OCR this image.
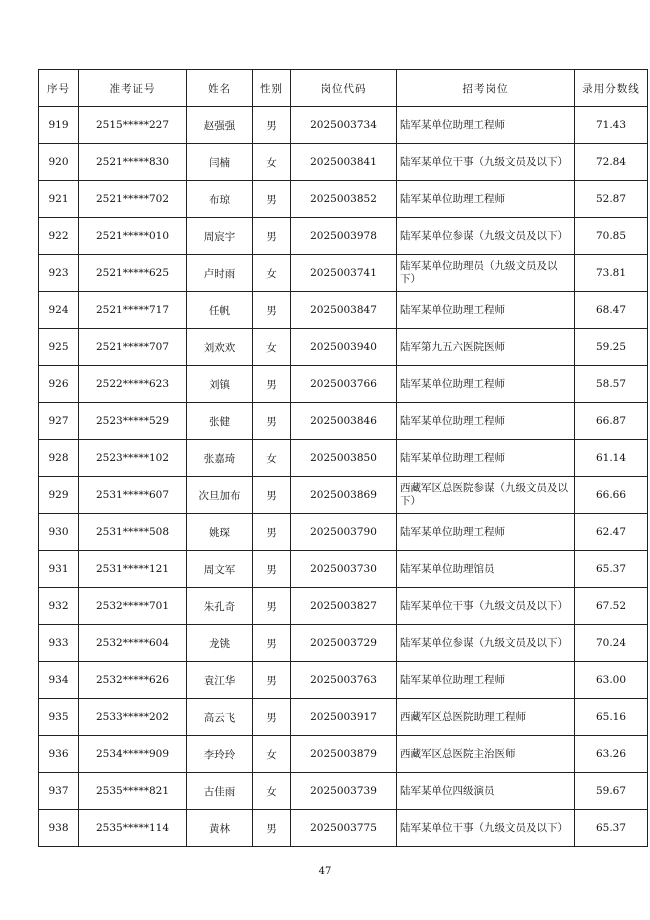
序号	准考证号	姓名	性别	岗位代码	招考岗位	录用分数线
919	2515*****227	赵强强	男	2025003734	陆军某单位助理工程师	71.43
920	2521*****830	闫楠	女	2025003841	陆军某单位干事（九级文员及以下）	72.84
921	2521*****702	布琼	男	2025003852	陆军某单位助理工程师	52.87
922	2521*****010	周宸宇	男	2025003978	陆军某单位参谋（九级文员及以下）	70.85
923	2521*****625	卢时雨	女	2025003741	陆军某单位助理员（九级文员及以下）	73.81
924	2521*****717	任帆	男	2025003847	陆军某单位助理工程师	68.47
925	2521*****707	刘欢欢	女	2025003940	陆军第九五六医院医师	59.25
926	2522*****623	刘镇	男	2025003766	陆军某单位助理工程师	58.57
927	2523*****529	张健	男	2025003846	陆军某单位助理工程师	66.87
928	2523*****102	张嘉琦	女	2025003850	陆军某单位助理工程师	61.14
929	2531*****607	次旦加布	男	2025003869	西藏军区总医院参谋（九级文员及以下）	66.66
930	2531*****508	姚琛	男	2025003790	陆军某单位助理工程师	62.47
931	2531*****121	周文军	男	2025003730	陆军某单位助理馆员	65.37
932	2532*****701	朱孔奇	男	2025003827	陆军某单位干事（九级文员及以下）	67.52
933	2532*****604	龙铫	男	2025003729	陆军某单位参谋（九级文员及以下）	70.24
934	2532*****626	袁江华	男	2025003763	陆军某单位助理工程师	63.00
935	2533*****202	高云飞	男	2025003917	西藏军区总医院助理工程师	65.16
936	2534*****909	李玲玲	女	2025003879	西藏军区总医院主治医师	63.26
937	2535*****821	古佳雨	女	2025003739	陆军某单位四级演员	59.67
938	2535*****114	黄林	男	2025003775	陆军某单位干事（九级文员及以下）	65.37
47
